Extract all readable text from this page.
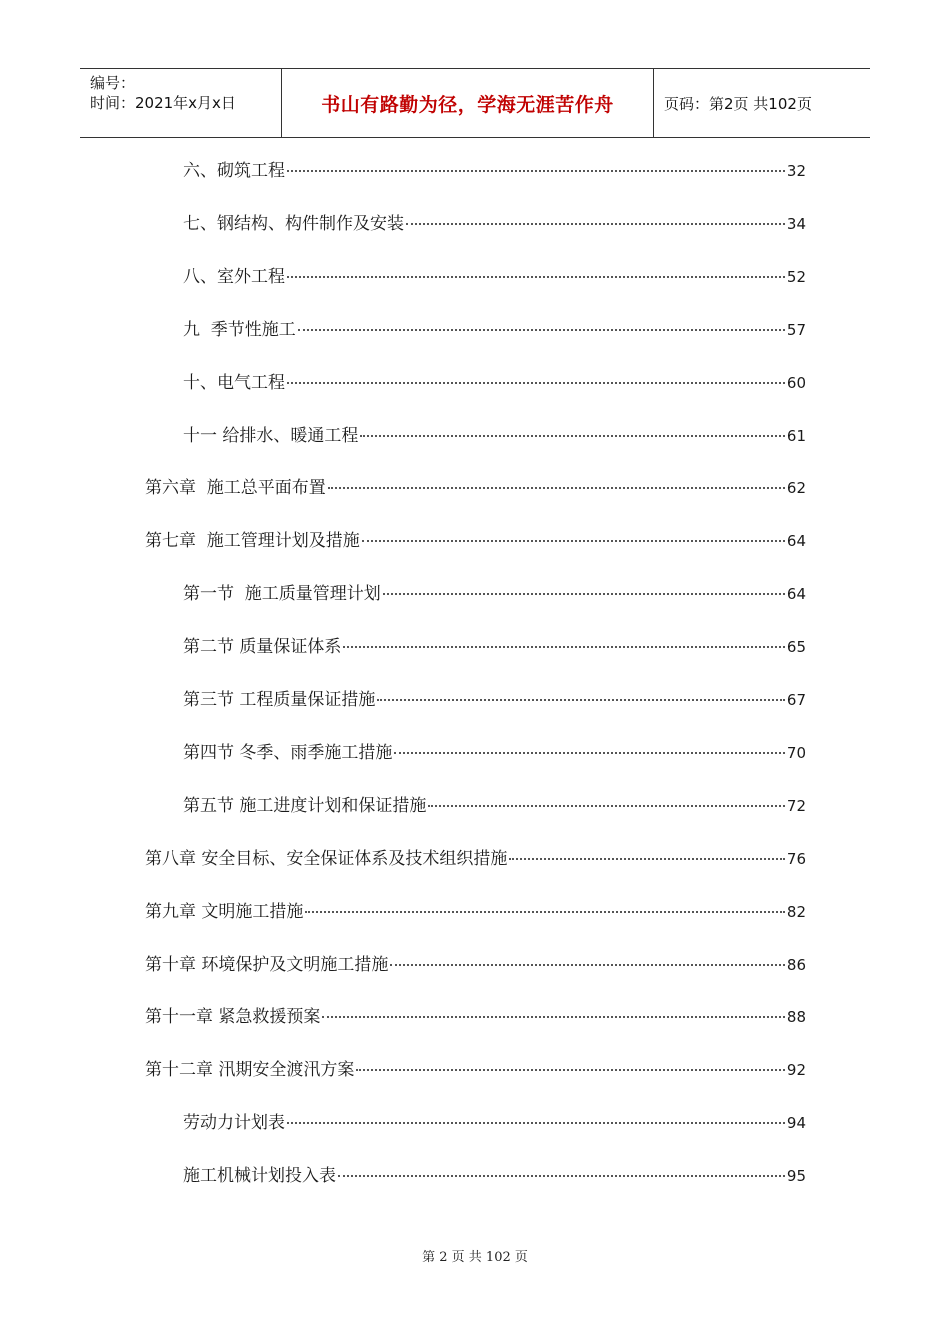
编号：
时间：2021年x月x日	书山有路勤为径，学海无涯苦作舟	页码：第2页 共102页
六、砌筑工程	32
七、钢结构、构件制作及安装	34
八、室外工程	52
九  季节性施工	57
十、电气工程	60
十一 给排水、暖通工程	61
第六章  施工总平面布置	62
第七章  施工管理计划及措施	64
第一节  施工质量管理计划	64
第二节 质量保证体系	65
第三节 工程质量保证措施	67
第四节 冬季、雨季施工措施	70
第五节 施工进度计划和保证措施	72
第八章 安全目标、安全保证体系及技术组织措施	76
第九章 文明施工措施	82
第十章 环境保护及文明施工措施	86
第十一章 紧急救援预案	88
第十二章 汛期安全渡汛方案	92
劳动力计划表	94
施工机械计划投入表	95
第 2 页 共 102 页
